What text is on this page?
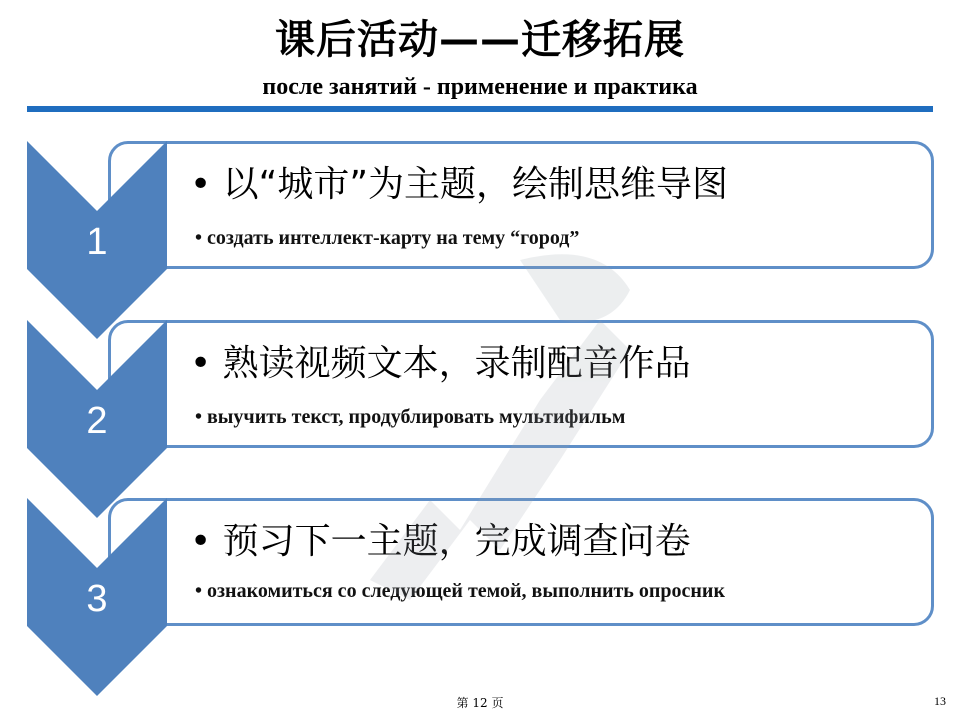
课后活动——迁移拓展
после занятий - применение и практика
1
• 以“城市”为主题，绘制思维导图
• создать интеллект-карту на тему “город”
2
• 熟读视频文本，录制配音作品
• выучить текст, продублировать мультифильм
3
• 预习下一主题，完成调查问卷
• ознакомиться со следующей темой, выполнить опросник
第 12 页	13
